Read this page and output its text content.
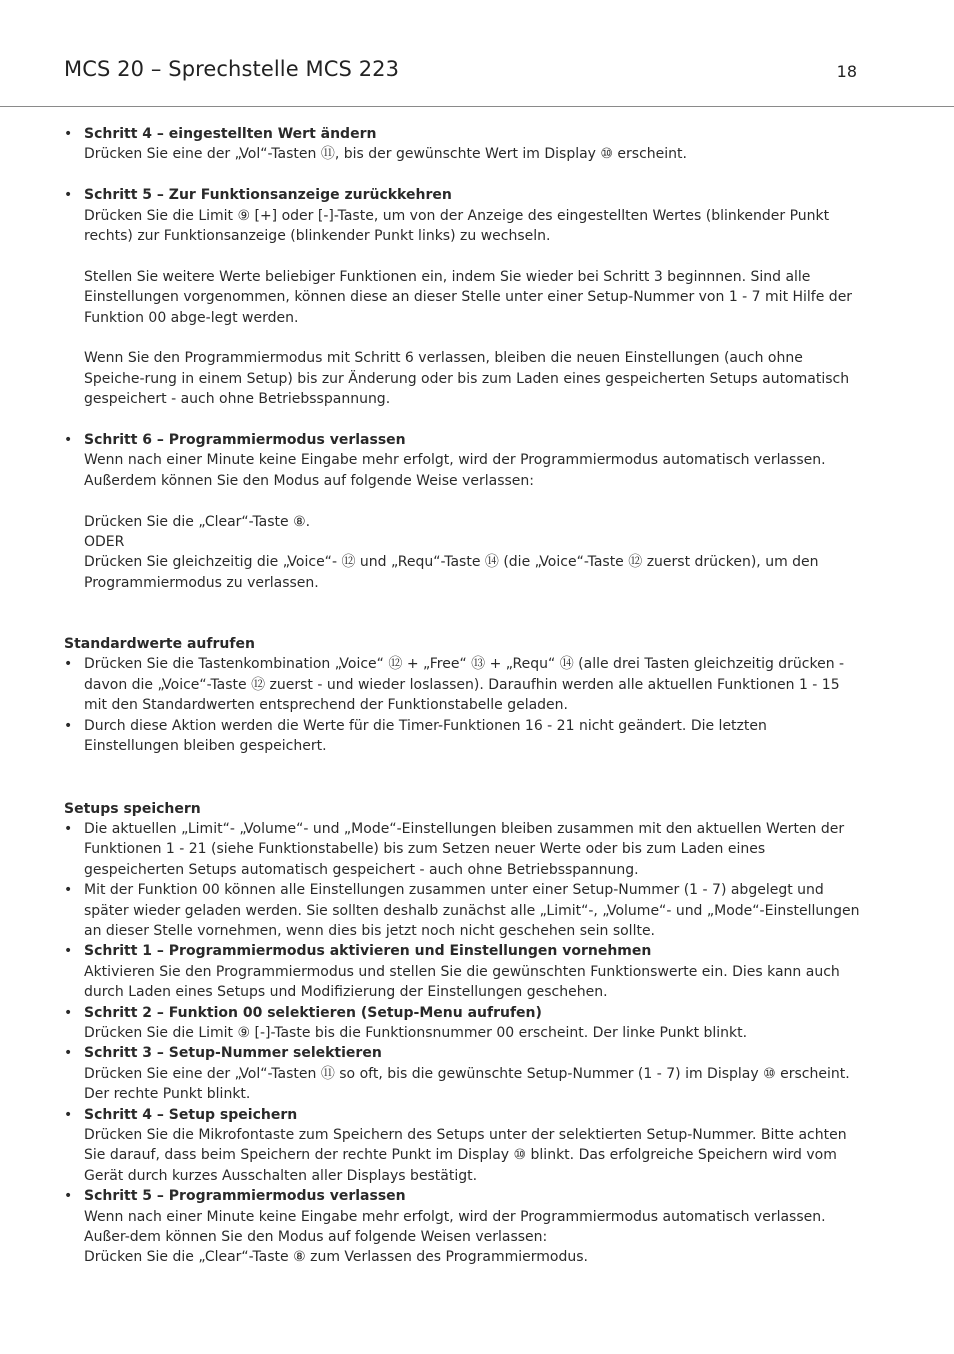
MCS 20 – Sprechstelle MCS 223	18
• Schritt 4 – eingestellten Wert ändern
Drücken Sie eine der „Vol“-Tasten ⑪, bis der gewünschte Wert im Display ⑩ erscheint.
• Schritt 5 – Zur Funktionsanzeige zurückkehren
Drücken Sie die Limit ⑨ [+] oder [-]-Taste, um von der Anzeige des eingestellten Wertes (blinkender Punkt rechts) zur Funktionsanzeige (blinkender Punkt links) zu wechseln.
Stellen Sie weitere Werte beliebiger Funktionen ein, indem Sie wieder bei Schritt 3 beginnnen. Sind alle Einstellungen vorgenommen, können diese an dieser Stelle unter einer Setup-Nummer von 1 - 7 mit Hilfe der Funktion 00 abge-legt werden.
Wenn Sie den Programmiermodus mit Schritt 6 verlassen, bleiben die neuen Einstellungen (auch ohne Speiche-rung in einem Setup) bis zur Änderung oder bis zum Laden eines gespeicherten Setups automatisch gespeichert - auch ohne Betriebsspannung.
• Schritt 6 – Programmiermodus verlassen
Wenn nach einer Minute keine Eingabe mehr erfolgt, wird der Programmiermodus automatisch verlassen. Außerdem können Sie den Modus auf folgende Weise verlassen:
Drücken Sie die „Clear“-Taste ⑧.
ODER
Drücken Sie gleichzeitig die „Voice“- ⑫ und „Requ“-Taste ⑭ (die „Voice“-Taste ⑫ zuerst drücken), um den Programmiermodus zu verlassen.
Standardwerte aufrufen
• Drücken Sie die Tastenkombination „Voice“ ⑫ + „Free“ ⑬ + „Requ“ ⑭ (alle drei Tasten gleichzeitig drücken - davon die „Voice“-Taste ⑫ zuerst - und wieder loslassen). Daraufhin werden alle aktuellen Funktionen 1 - 15 mit den Standardwerten entsprechend der Funktionstabelle geladen.
• Durch diese Aktion werden die Werte für die Timer-Funktionen 16 - 21 nicht geändert. Die letzten Einstellungen bleiben gespeichert.
Setups speichern
• Die aktuellen „Limit“- „Volume“- und „Mode“-Einstellungen bleiben zusammen mit den aktuellen Werten der Funktionen 1 - 21 (siehe Funktionstabelle) bis zum Setzen neuer Werte oder bis zum Laden eines gespeicherten Setups automatisch gespeichert - auch ohne Betriebsspannung.
• Mit der Funktion 00 können alle Einstellungen zusammen unter einer Setup-Nummer (1 - 7) abgelegt und später wieder geladen werden. Sie sollten deshalb zunächst alle „Limit“-, „Volume“- und „Mode“-Einstellungen an dieser Stelle vornehmen, wenn dies bis jetzt noch nicht geschehen sein sollte.
• Schritt 1 – Programmiermodus aktivieren und Einstellungen vornehmen
Aktivieren Sie den Programmiermodus und stellen Sie die gewünschten Funktionswerte ein. Dies kann auch durch Laden eines Setups und Modifizierung der Einstellungen geschehen.
• Schritt 2 – Funktion 00 selektieren (Setup-Menu aufrufen)
Drücken Sie die Limit ⑨ [-]-Taste bis die Funktionsnummer 00 erscheint. Der linke Punkt blinkt.
• Schritt 3 – Setup-Nummer selektieren
Drücken Sie eine der „Vol“-Tasten ⑪ so oft, bis die gewünschte Setup-Nummer (1 - 7) im Display ⑩ erscheint. Der rechte Punkt blinkt.
• Schritt 4 – Setup speichern
Drücken Sie die Mikrofontaste zum Speichern des Setups unter der selektierten Setup-Nummer. Bitte achten Sie darauf, dass beim Speichern der rechte Punkt im Display ⑩ blinkt. Das erfolgreiche Speichern wird vom Gerät durch kurzes Ausschalten aller Displays bestätigt.
• Schritt 5 – Programmiermodus verlassen
Wenn nach einer Minute keine Eingabe mehr erfolgt, wird der Programmiermodus automatisch verlassen. Außer-dem können Sie den Modus auf folgende Weisen verlassen:
Drücken Sie die „Clear“-Taste ⑧ zum Verlassen des Programmiermodus.
